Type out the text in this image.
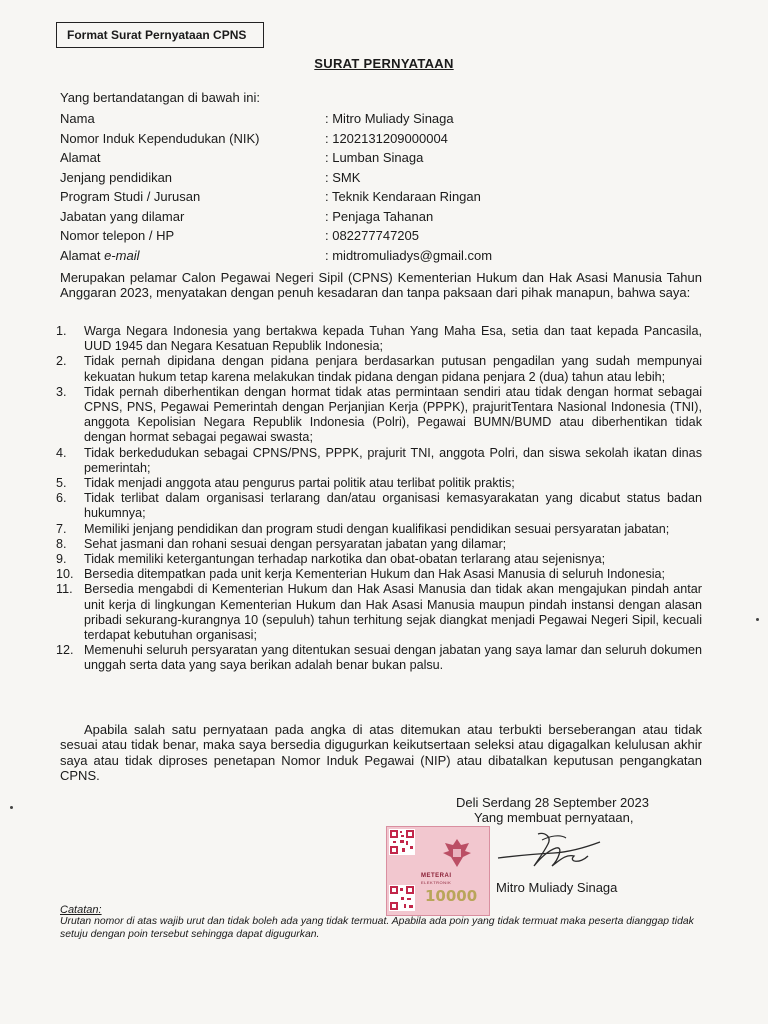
Format Surat Pernyataan CPNS
SURAT PERNYATAAN
Yang bertandatangan di bawah ini:
Nama	: Mitro Muliady Sinaga
Nomor Induk Kependudukan (NIK)	: 1202131209000004
Alamat	: Lumban Sinaga
Jenjang pendidikan	: SMK
Program Studi / Jurusan	: Teknik Kendaraan Ringan
Jabatan yang dilamar	: Penjaga Tahanan
Nomor telepon / HP	: 082277747205
Alamat e-mail	: midtromuliadys@gmail.com
Merupakan pelamar Calon Pegawai Negeri Sipil (CPNS) Kementerian Hukum dan Hak Asasi Manusia Tahun Anggaran 2023, menyatakan dengan penuh kesadaran dan tanpa paksaan dari pihak manapun, bahwa saya:
1.	Warga Negara Indonesia yang bertakwa kepada Tuhan Yang Maha Esa, setia dan taat kepada Pancasila, UUD 1945 dan Negara Kesatuan Republik Indonesia;
2.	Tidak pernah dipidana dengan pidana penjara berdasarkan putusan pengadilan yang sudah mempunyai kekuatan hukum tetap karena melakukan tindak pidana dengan pidana penjara 2 (dua) tahun atau lebih;
3.	Tidak pernah diberhentikan dengan hormat tidak atas permintaan sendiri atau tidak dengan hormat sebagai CPNS, PNS, Pegawai Pemerintah dengan Perjanjian Kerja (PPPK), prajuritTentara Nasional Indonesia (TNI), anggota Kepolisian Negara Republik Indonesia (Polri), Pegawai BUMN/BUMD atau diberhentikan tidak dengan hormat sebagai pegawai swasta;
4.	Tidak berkedudukan sebagai CPNS/PNS, PPPK, prajurit TNI, anggota Polri, dan siswa sekolah ikatan dinas pemerintah;
5.	Tidak menjadi anggota atau pengurus partai politik atau terlibat politik praktis;
6.	Tidak terlibat dalam organisasi terlarang dan/atau organisasi kemasyarakatan yang dicabut status badan hukumnya;
7.	Memiliki jenjang pendidikan dan program studi dengan kualifikasi pendidikan sesuai persyaratan jabatan;
8.	Sehat jasmani dan rohani sesuai dengan persyaratan jabatan yang dilamar;
9.	Tidak memiliki ketergantungan terhadap narkotika dan obat-obatan terlarang atau sejenisnya;
10. Bersedia ditempatkan pada unit kerja Kementerian Hukum dan Hak Asasi Manusia di seluruh Indonesia;
11. Bersedia mengabdi di Kementerian Hukum dan Hak Asasi Manusia dan tidak akan mengajukan pindah antar unit kerja di lingkungan Kementerian Hukum dan Hak Asasi Manusia maupun pindah instansi dengan alasan pribadi sekurang-kurangnya 10 (sepuluh) tahun terhitung sejak diangkat menjadi Pegawai Negeri Sipil, kecuali terdapat kebutuhan organisasi;
12. Memenuhi seluruh persyaratan yang ditentukan sesuai dengan jabatan yang saya lamar dan seluruh dokumen unggah serta data yang saya berikan adalah benar bukan palsu.
Apabila salah satu pernyataan pada angka di atas ditemukan atau terbukti berseberangan atau tidak sesuai atau tidak benar, maka saya bersedia digugurkan keikutsertaan seleksi atau digagalkan kelulusan akhir saya atau tidak diproses penetapan Nomor Induk Pegawai (NIP) atau dibatalkan keputusan pengangkatan CPNS.
Deli Serdang 28 September 2023
Yang membuat pernyataan,
METERAI
ELEKTRONIK
10000 Mitro Muliady Sinaga
Catatan:
Urutan nomor di atas wajib urut dan tidak boleh ada yang tidak termuat. Apabila ada poin yang tidak termuat maka peserta dianggap tidak setuju dengan poin tersebut sehingga dapat digugurkan.
